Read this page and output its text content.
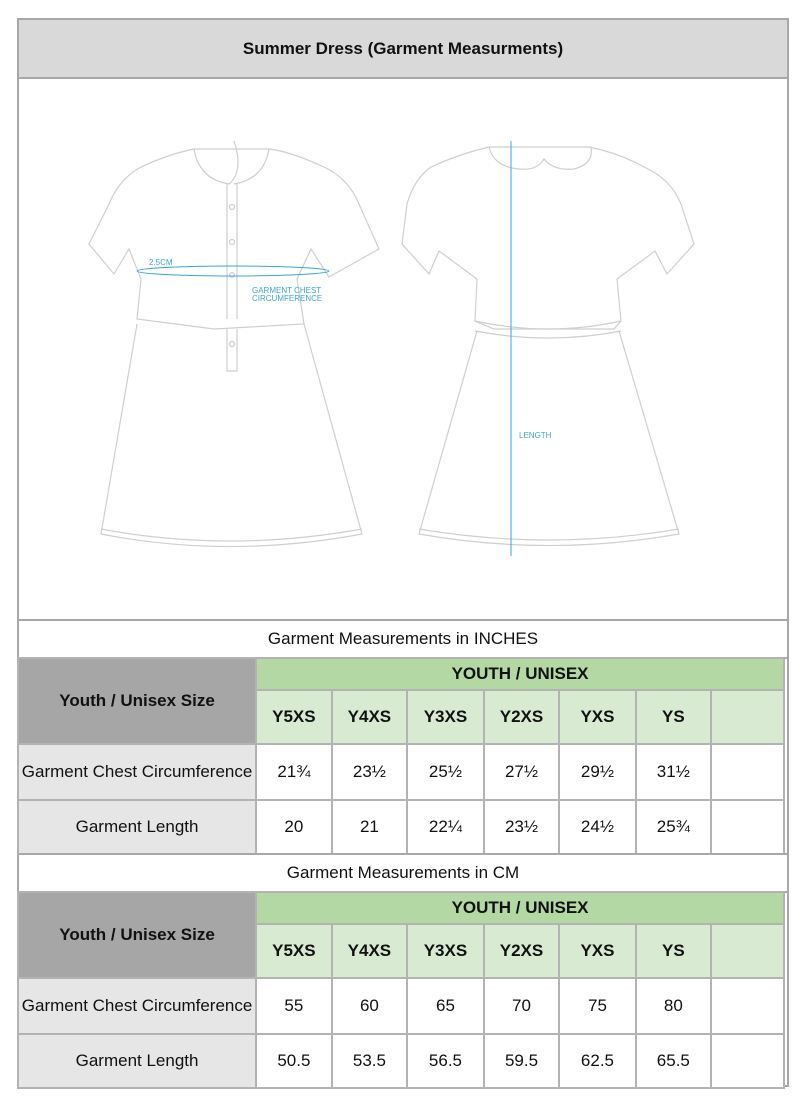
Summer Dress (Garment Measurments)
2.5CM
GARMENT CHEST
CIRCUMFERENCE
LENGTH
Garment Measurements in INCHES
Youth / Unisex Size	YOUTH / UNISEX						
	Y5XS	Y4XS	Y3XS	Y2XS	YXS	YS	
Garment Chest Circumference	21¾	23½	25½	27½	29½	31½	
Garment Length	20	21	22¼	23½	24½	25¾	
Garment Measurements in CM
Youth / Unisex Size	YOUTH / UNISEX						
	Y5XS	Y4XS	Y3XS	Y2XS	YXS	YS	
Garment Chest Circumference	55	60	65	70	75	80	
Garment Length	50.5	53.5	56.5	59.5	62.5	65.5	
